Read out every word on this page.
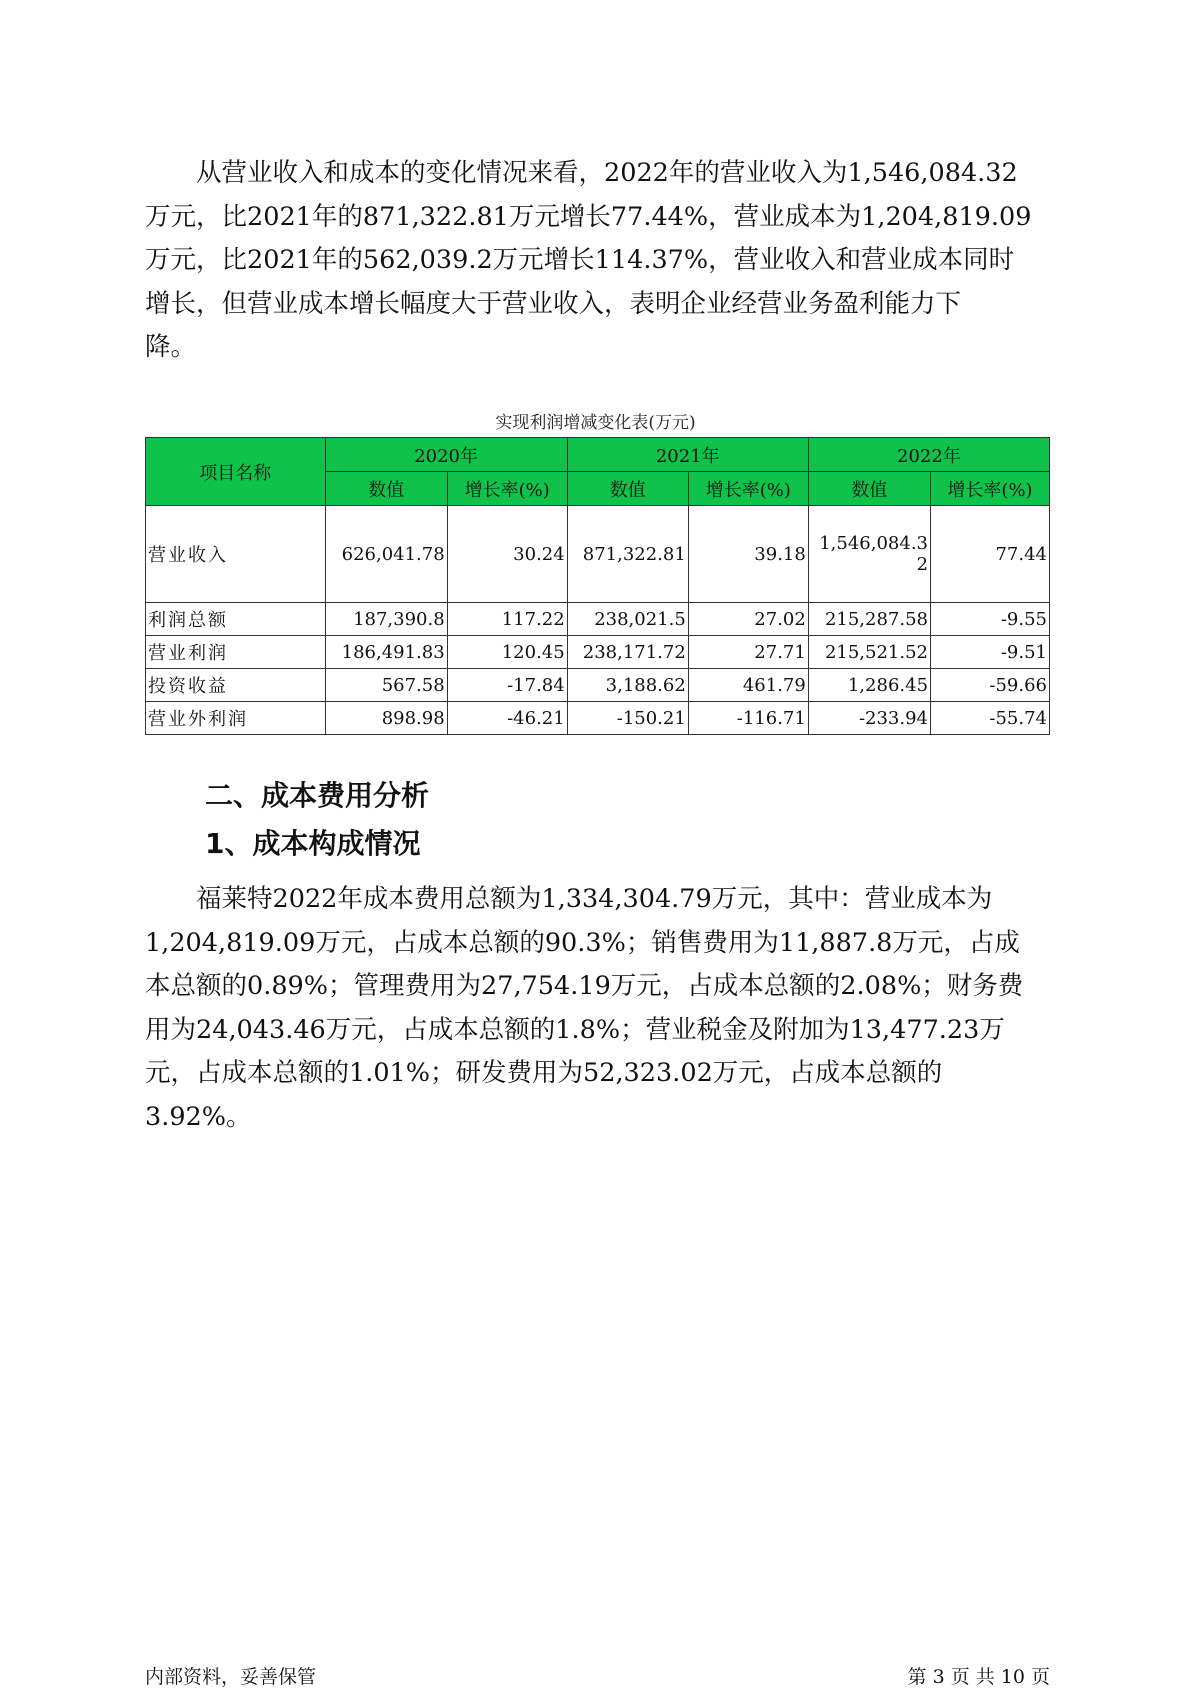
　　从营业收入和成本的变化情况来看，2022年的营业收入为1,546,084.32
万元，比2021年的871,322.81万元增长77.44%，营业成本为1,204,819.09
万元，比2021年的562,039.2万元增长114.37%，营业收入和营业成本同时
增长，但营业成本增长幅度大于营业收入，表明企业经营业务盈利能力下
降。

实现利润增减变化表(万元)
项目名称	2020年		2021年		2022年	
	数值	增长率(%)	数值	增长率(%)	数值	增长率(%)
营业收入	626,041.78	30.24	871,322.81	39.18	1,546,084.32	77.44
利润总额	187,390.8	117.22	238,021.5	27.02	215,287.58	-9.55
营业利润	186,491.83	120.45	238,171.72	27.71	215,521.52	-9.51
投资收益	567.58	-17.84	3,188.62	461.79	1,286.45	-59.66
营业外利润	898.98	-46.21	-150.21	-116.71	-233.94	-55.74
二、成本费用分析
1、成本构成情况

　　福莱特2022年成本费用总额为1,334,304.79万元，其中：营业成本为
1,204,819.09万元，占成本总额的90.3%；销售费用为11,887.8万元，占成
本总额的0.89%；管理费用为27,754.19万元，占成本总额的2.08%；财务费
用为24,043.46万元，占成本总额的1.8%；营业税金及附加为13,477.23万
元，占成本总额的1.01%；研发费用为52,323.02万元，占成本总额的
3.92%。

内部资料，妥善保管	第 3 页 共 10 页
